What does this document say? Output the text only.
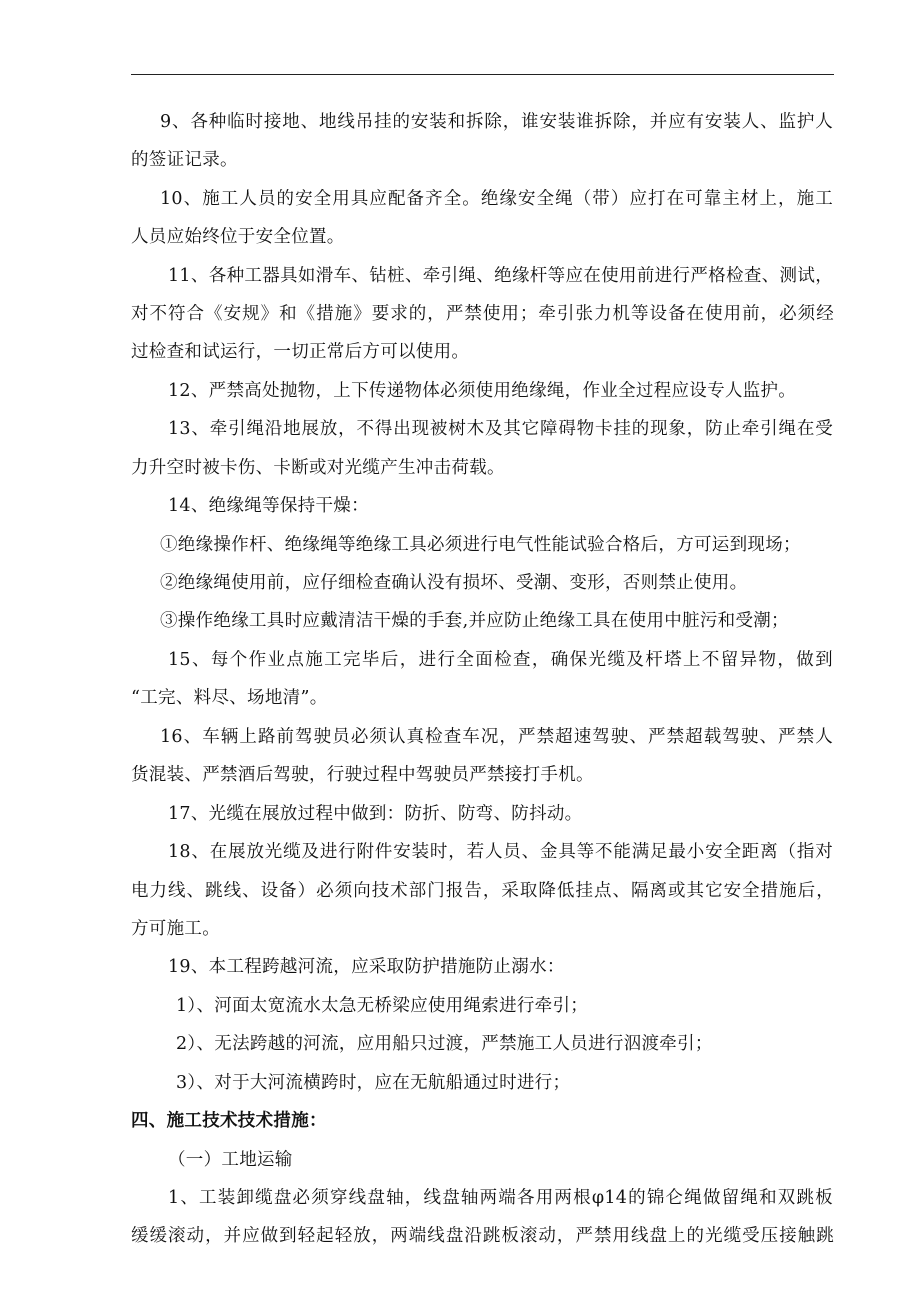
9、各种临时接地、地线吊挂的安装和拆除，谁安装谁拆除，并应有安装人、监护人
的签证记录。
10、施工人员的安全用具应配备齐全。绝缘安全绳（带）应打在可靠主材上，施工
人员应始终位于安全位置。
11、各种工器具如滑车、钻桩、牵引绳、绝缘杆等应在使用前进行严格检查、测试，
对不符合《安规》和《措施》要求的，严禁使用；牵引张力机等设备在使用前，必须经
过检查和试运行，一切正常后方可以使用。
12、严禁高处抛物，上下传递物体必须使用绝缘绳，作业全过程应设专人监护。
13、牵引绳沿地展放，不得出现被树木及其它障碍物卡挂的现象，防止牵引绳在受
力升空时被卡伤、卡断或对光缆产生冲击荷载。
14、绝缘绳等保持干燥：
①绝缘操作杆、绝缘绳等绝缘工具必须进行电气性能试验合格后，方可运到现场；
②绝缘绳使用前，应仔细检查确认没有损坏、受潮、变形，否则禁止使用。
③操作绝缘工具时应戴清洁干燥的手套,并应防止绝缘工具在使用中脏污和受潮；
15、每个作业点施工完毕后，进行全面检查，确保光缆及杆塔上不留异物，做到
“工完、料尽、场地清”。
16、车辆上路前驾驶员必须认真检查车况，严禁超速驾驶、严禁超载驾驶、严禁人
货混装、严禁酒后驾驶，行驶过程中驾驶员严禁接打手机。
17、光缆在展放过程中做到：防折、防弯、防抖动。
18、在展放光缆及进行附件安装时，若人员、金具等不能满足最小安全距离（指对
电力线、跳线、设备）必须向技术部门报告，采取降低挂点、隔离或其它安全措施后，
方可施工。
19、本工程跨越河流，应采取防护措施防止溺水：
1）、河面太宽流水太急无桥梁应使用绳索进行牵引；
2）、无法跨越的河流，应用船只过渡，严禁施工人员进行泅渡牵引；
3）、对于大河流横跨时，应在无航船通过时进行；
四、施工技术技术措施：
（一）工地运输
1、工装卸缆盘必须穿线盘轴，线盘轴两端各用两根φ14的锦仑绳做留绳和双跳板
缓缓滚动，并应做到轻起轻放，两端线盘沿跳板滚动，严禁用线盘上的光缆受压接触跳
